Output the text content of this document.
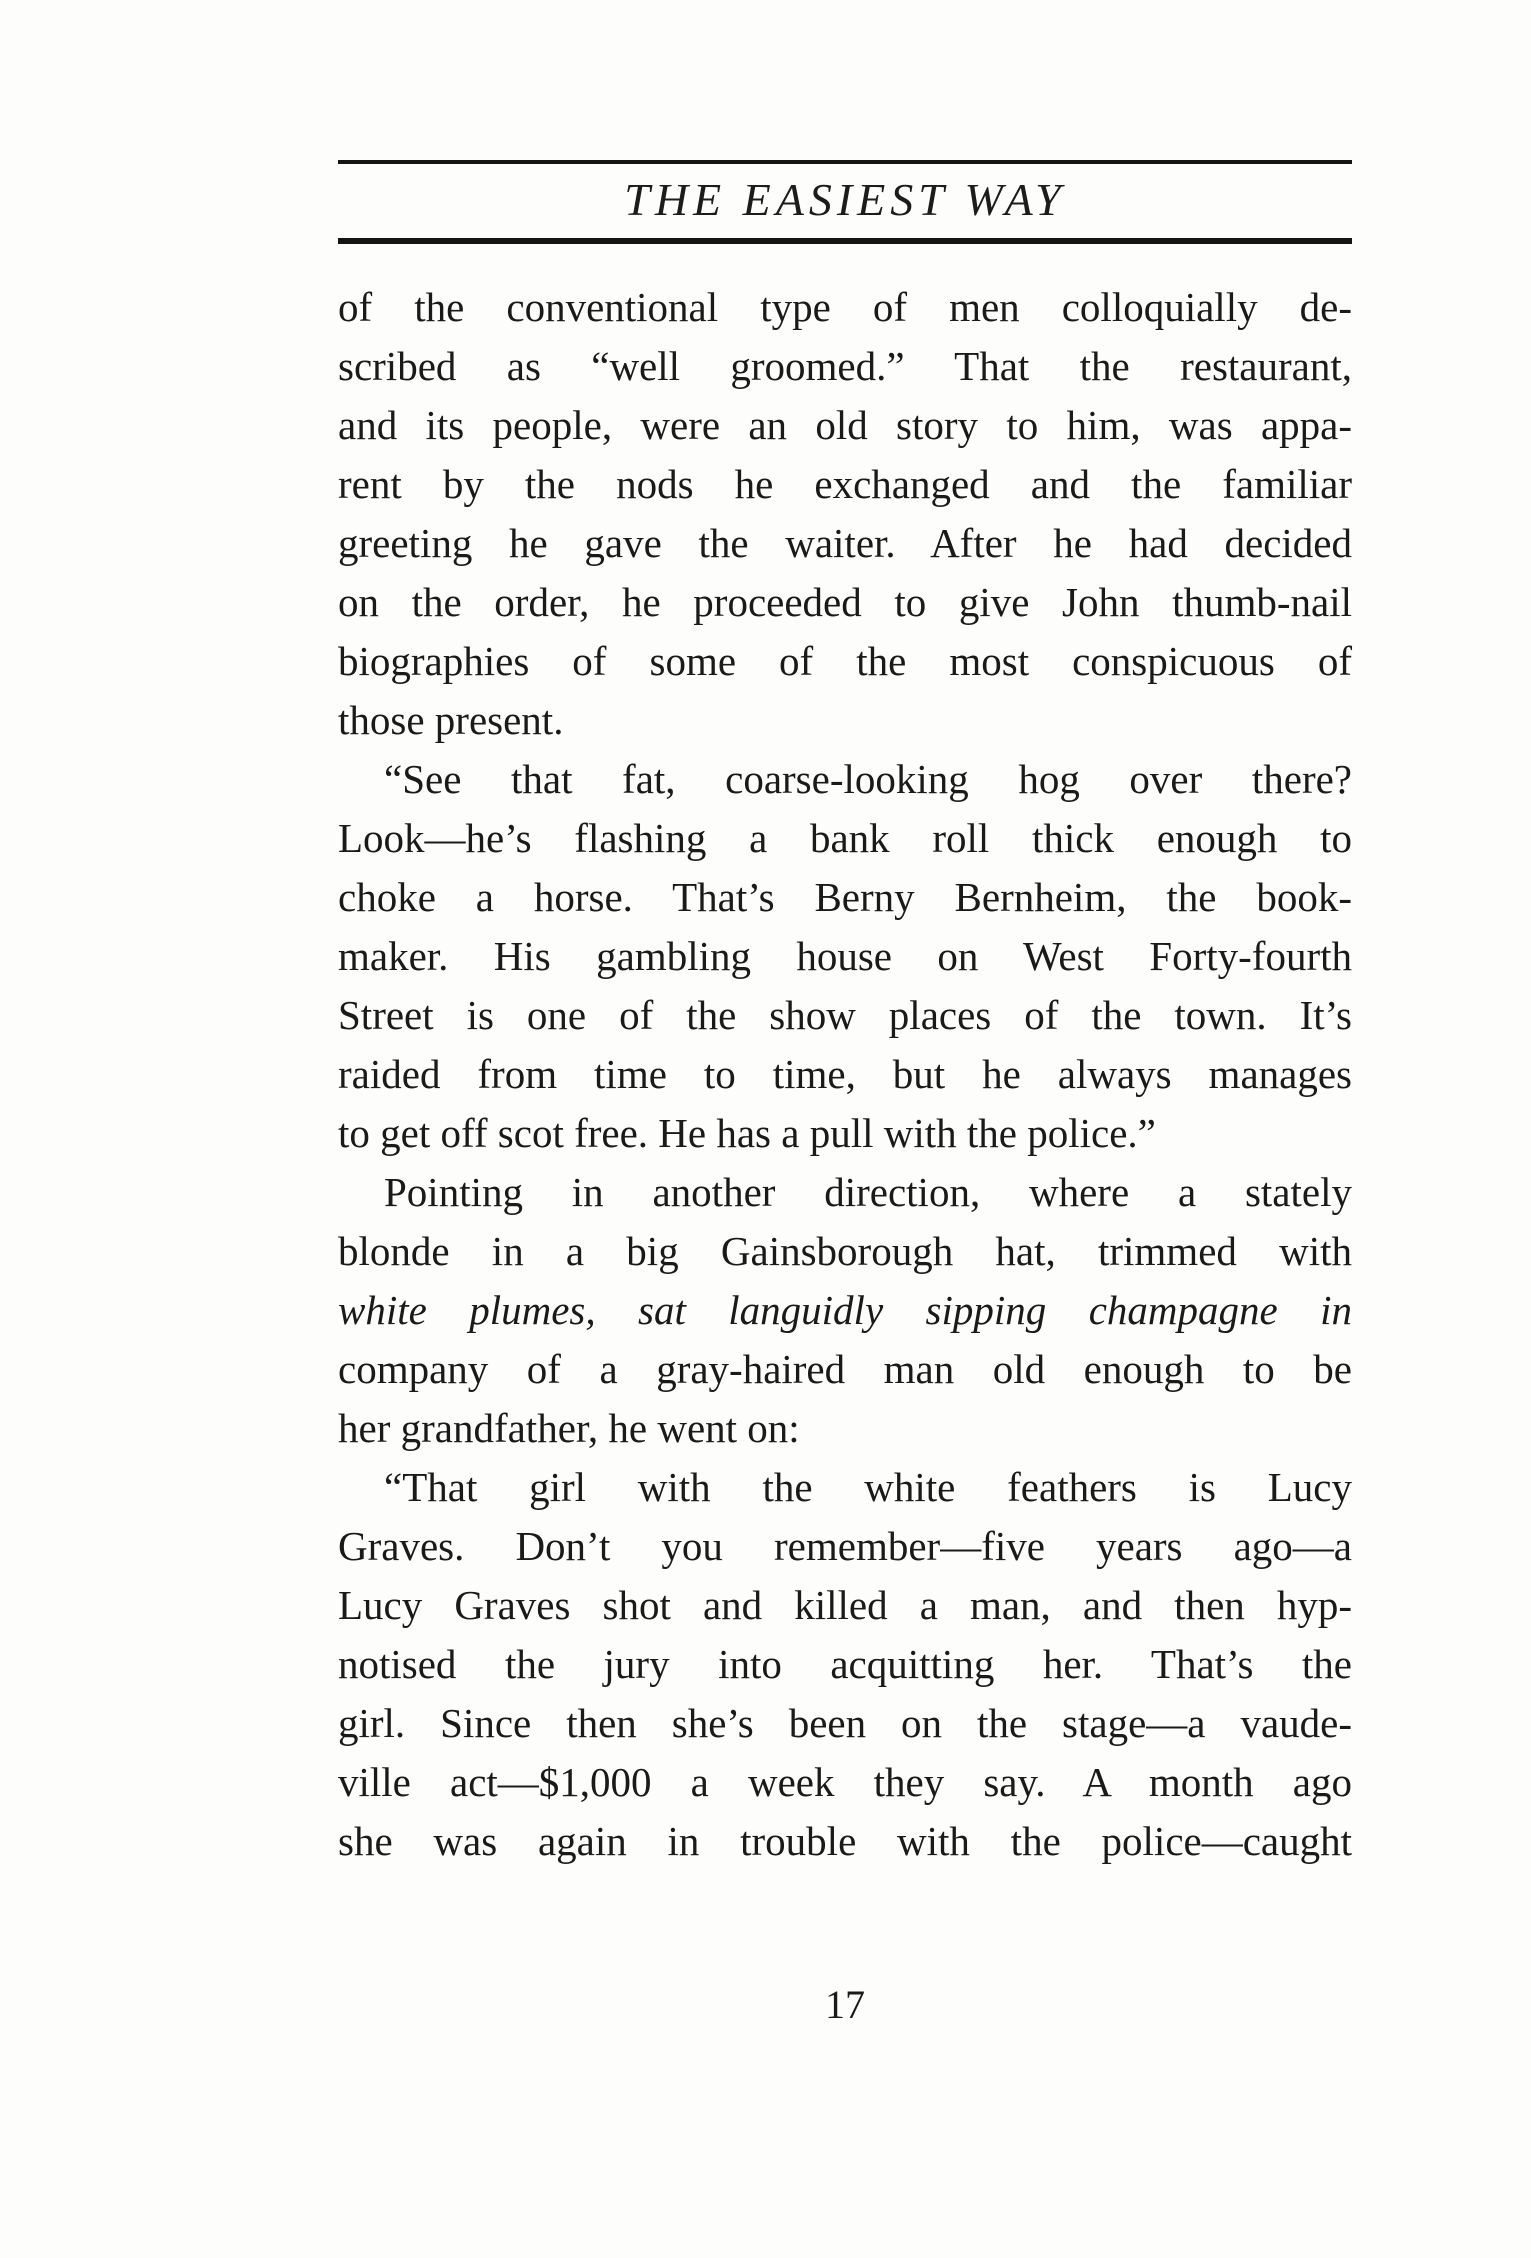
THE EASIEST WAY
of the conventional type of men colloquially de-
scribed as “well groomed.” That the restaurant,
and its people, were an old story to him, was appa-
rent by the nods he exchanged and the familiar
greeting he gave the waiter. After he had decided
on the order, he proceeded to give John thumb-nail
biographies of some of the most conspicuous of
those present.
“See that fat, coarse-looking hog over there?
Look—he’s flashing a bank roll thick enough to
choke a horse. That’s Berny Bernheim, the book-
maker. His gambling house on West Forty-fourth
Street is one of the show places of the town. It’s
raided from time to time, but he always manages
to get off scot free. He has a pull with the police.”
Pointing in another direction, where a stately
blonde in a big Gainsborough hat, trimmed with
white plumes, sat languidly sipping champagne in
company of a gray-haired man old enough to be
her grandfather, he went on:
“That girl with the white feathers is Lucy
Graves. Don’t you remember—five years ago—a
Lucy Graves shot and killed a man, and then hyp-
notised the jury into acquitting her. That’s the
girl. Since then she’s been on the stage—a vaude-
ville act—$1,000 a week they say. A month ago
she was again in trouble with the police—caught
17
